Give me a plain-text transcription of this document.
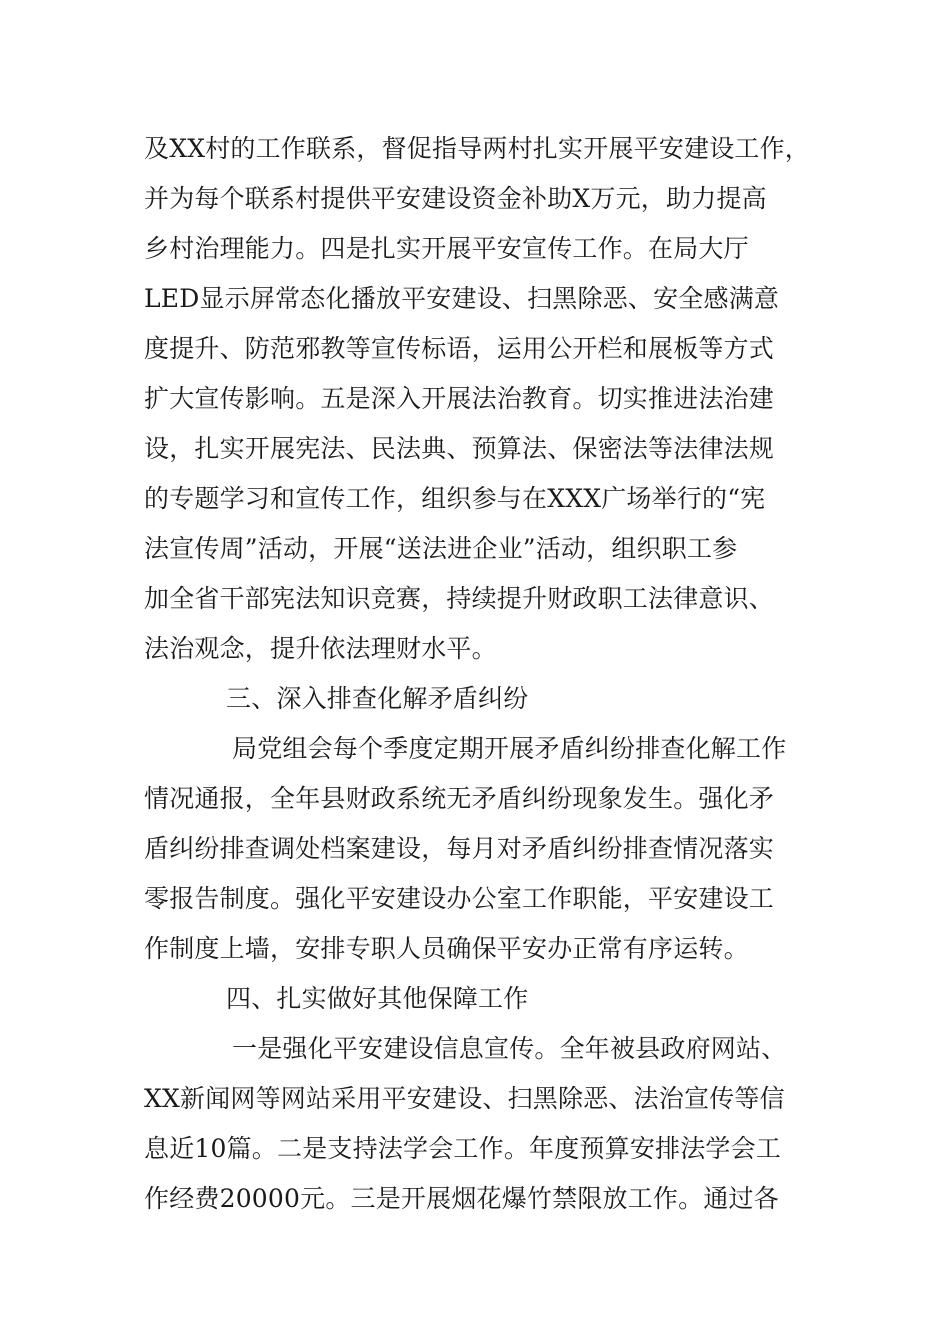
及XX村的工作联系，督促指导两村扎实开展平安建设工作，
并为每个联系村提供平安建设资金补助X万元，助力提高
乡村治理能力。四是扎实开展平安宣传工作。在局大厅
LED显示屏常态化播放平安建设、扫黑除恶、安全感满意
度提升、防范邪教等宣传标语，运用公开栏和展板等方式
扩大宣传影响。五是深入开展法治教育。切实推进法治建
设，扎实开展宪法、民法典、预算法、保密法等法律法规
的专题学习和宣传工作，组织参与在XXX广场举行的“宪
法宣传周”活动，开展“送法进企业”活动，组织职工参
加全省干部宪法知识竞赛，持续提升财政职工法律意识、
法治观念，提升依法理财水平。
三、深入排查化解矛盾纠纷
局党组会每个季度定期开展矛盾纠纷排查化解工作
情况通报，全年县财政系统无矛盾纠纷现象发生。强化矛
盾纠纷排查调处档案建设，每月对矛盾纠纷排查情况落实
零报告制度。强化平安建设办公室工作职能，平安建设工
作制度上墙，安排专职人员确保平安办正常有序运转。
四、扎实做好其他保障工作
一是强化平安建设信息宣传。全年被县政府网站、
XX新闻网等网站采用平安建设、扫黑除恶、法治宣传等信
息近10篇。二是支持法学会工作。年度预算安排法学会工
作经费20000元。三是开展烟花爆竹禁限放工作。通过各
